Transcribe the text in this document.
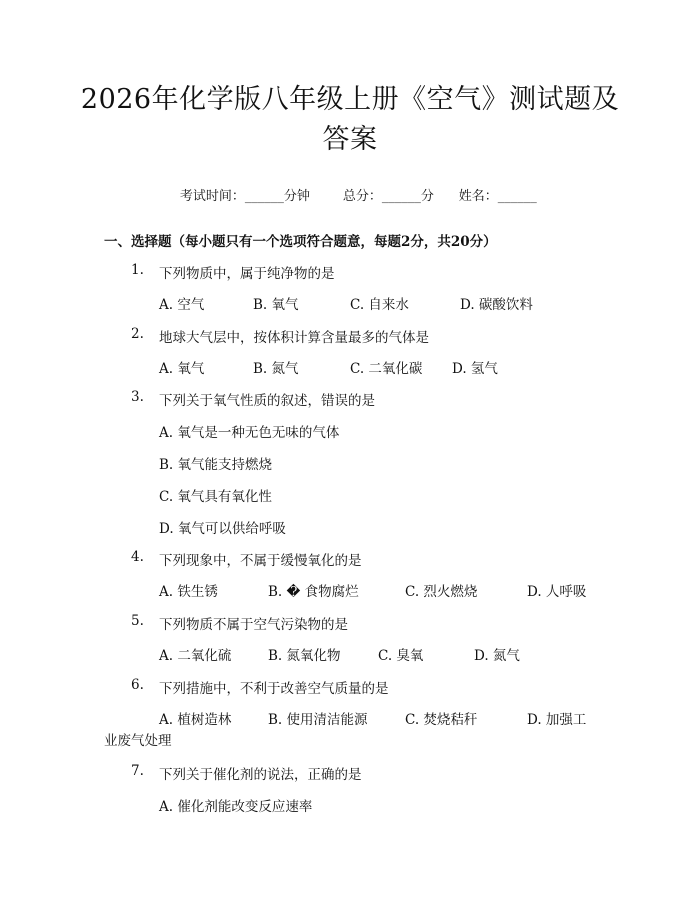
2026年化学版八年级上册《空气》测试题及
答案

考试时间：______分钟	总分：______分 姓名：______

一、选择题（每小题只有一个选项符合题意，每题2分，共20分）
1. 下列物质中，属于纯净物的是
A. 空气	B. 氧气	C. 自来水	D. 碳酸饮料
2. 地球大气层中，按体积计算含量最多的气体是
A. 氧气	B. 氮气	C. 二氧化碳 D. 氢气
3. 下列关于氧气性质的叙述，错误的是
A. 氧气是一种无色无味的气体
B. 氧气能支持燃烧
C. 氧气具有氧化性
D. 氧气可以供给呼吸
4. 下列现象中，不属于缓慢氧化的是
A. 铁生锈	B. � 食物腐烂	C. 烈火燃烧	D. 人呼吸
5. 下列物质不属于空气污染物的是
A. 二氧化硫	B. 氮氧化物	C. 臭氧	D. 氮气
6. 下列措施中，不利于改善空气质量的是
A. 植树造林	B. 使用清洁能源	C. 焚烧秸秆	D. 加强工
业废气处理
7. 下列关于催化剂的说法，正确的是
A. 催化剂能改变反应速率
